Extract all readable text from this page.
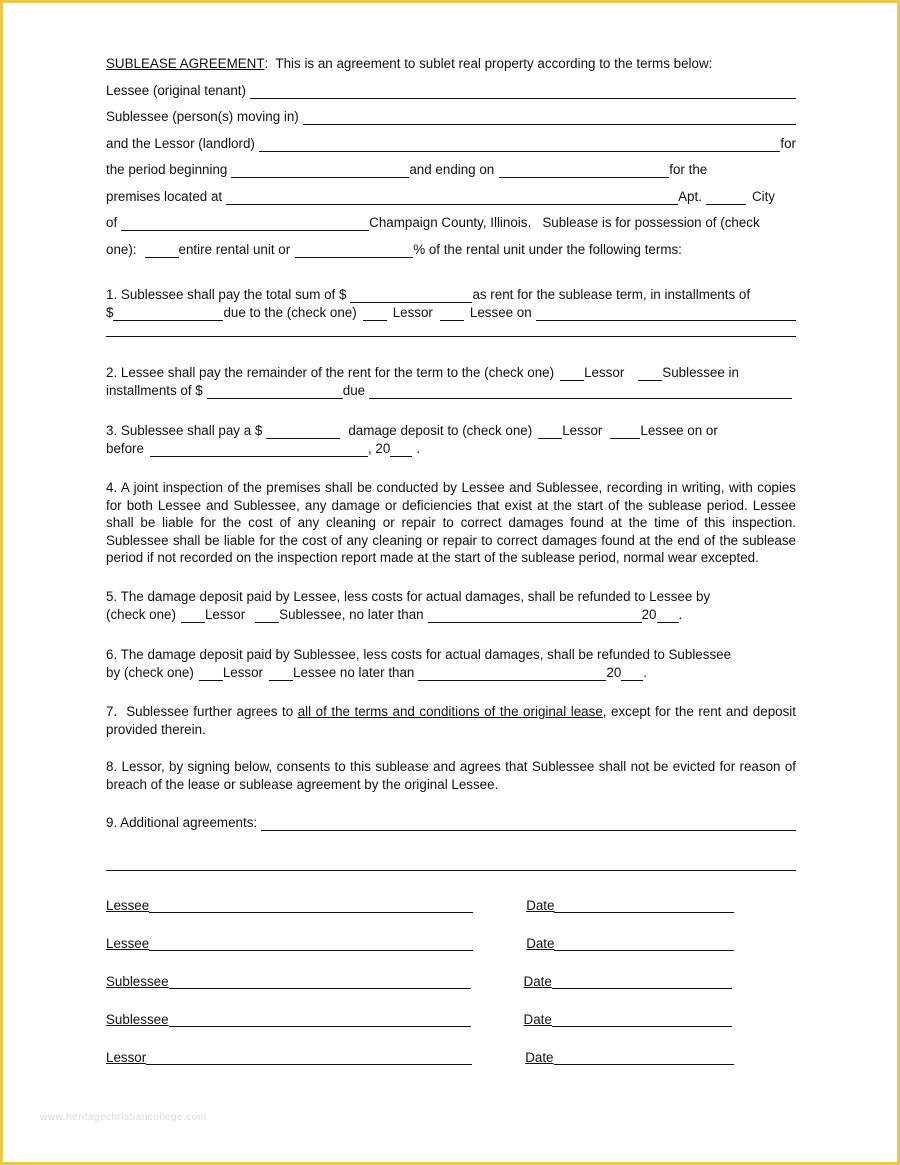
SUBLEASE AGREEMENT :  This is an agreement to sublet real property according to the terms below:
Lessee (original tenant)
Sublessee (person(s) moving in)
and the Lessor (landlord)	for
the period beginning	and ending on	for the
premises located at	Apt.	City
of	Champaign County, Illinois.   Sublease is for possession of (check
one):	entire rental unit or	% of the rental unit under the following terms:
1. Sublessee shall pay the total sum of $	as rent for the sublease term, in installments of
$	due to the (check one)	Lessor	Lessee on
2. Lessee shall pay the remainder of the rent for the term to the (check one) Lessor	Sublessee in
installments of $	due
3. Sublessee shall pay a $	damage deposit to (check one) Lessor	Lessee on or
before	, 20 .

4. A joint inspection of the premises shall be conducted by Lessee and Sublessee, recording in writing, with copies for both Lessee and Sublessee, any damage or deficiencies that exist at the start of the sublease period. Lessee shall be liable for the cost of any cleaning or repair to correct damages found at the time of this inspection. Sublessee shall be liable for the cost of any cleaning or repair to correct damages found at the end of the sublease period if not recorded on the inspection report made at the start of the sublease period, normal wear excepted.

5. The damage deposit paid by Lessee, less costs for actual damages, shall be refunded to Lessee by
(check one) Lessor	Sublessee, no later than	20 .
6. The damage deposit paid by Sublessee, less costs for actual damages, shall be refunded to Sublessee
by (check one) Lessor Lessee no later than	20 .

7.  Sublessee further agrees to all of the terms and conditions of the original lease, except for the rent and deposit provided therein.

8. Lessor, by signing below, consents to this sublease and agrees that Sublessee shall not be evicted for reason of breach of the lease or sublease agreement by the original Lessee.

9. Additional agreements:
Lessee	Date
Lessee	Date
Sublessee	Date
Sublessee	Date
Lessor	Date
www.heritagechristiancollege.com
